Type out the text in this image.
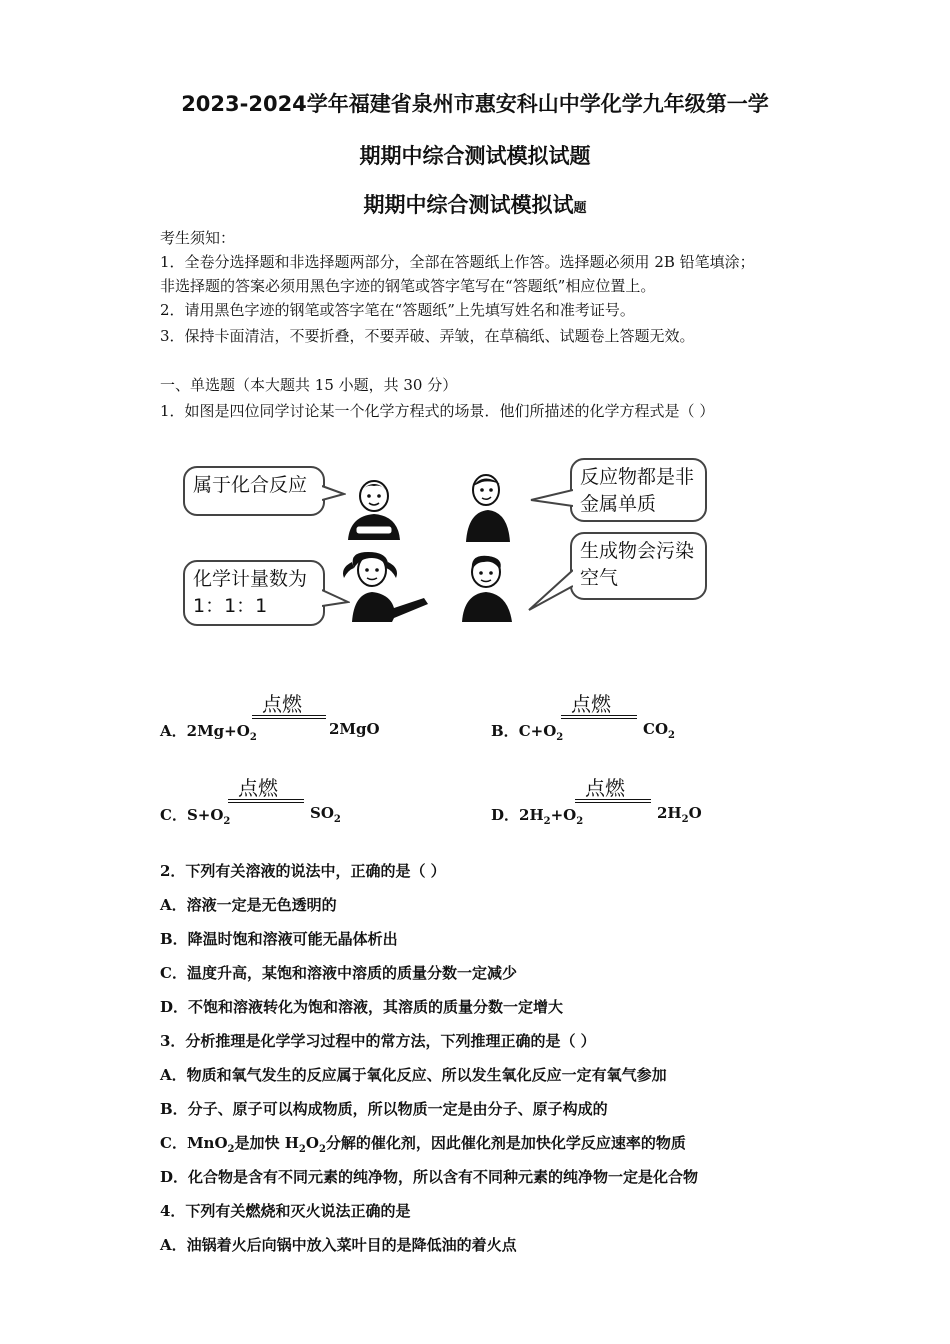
2023-2024学年福建省泉州市惠安科山中学化学九年级第一学
期期中综合测试模拟试题
期期中综合测试模拟试题
考生须知：
1．全卷分选择题和非选择题两部分，全部在答题纸上作答。选择题必须用 2B 铅笔填涂；
非选择题的答案必须用黑色字迹的钢笔或答字笔写在“答题纸”相应位置上。
2．请用黑色字迹的钢笔或答字笔在“答题纸”上先填写姓名和准考证号。
3．保持卡面清洁，不要折叠，不要弄破、弄皱，在草稿纸、试题卷上答题无效。
一、单选题（本大题共 15 小题，共 30 分）
1．如图是四位同学讨论某一个化学方程式的场景．他们所描述的化学方程式是（ ）
属于化合反应	反应物都是非
金属单质
化学计量数为
1：1：1
生成物会污染
空气
A．$2Mg+O_2$
点燃
2MgO	B．$C+O_2$
点燃
$CO_2$
C．$S+O_2$
点燃
$SO_2$	D．$2H_2+O_2$
点燃
$2H_2O$
2．下列有关溶液的说法中，正确的是（ ）
A．溶液一定是无色透明的
B．降温时饱和溶液可能无晶体析出
C．温度升高，某饱和溶液中溶质的质量分数一定减少
D．不饱和溶液转化为饱和溶液，其溶质的质量分数一定增大
3．分析推理是化学学习过程中的常方法，下列推理正确的是（ ）
A．物质和氧气发生的反应属于氧化反应、所以发生氧化反应一定有氧气参加
B．分子、原子可以构成物质，所以物质一定是由分子、原子构成的
C．MnO$_2$是加快 $H_2O_2$分解的催化剂，因此催化剂是加快化学反应速率的物质
D．化合物是含有不同元素的纯净物，所以含有不同种元素的纯净物一定是化合物
4．下列有关燃烧和灭火说法正确的是
A．油锅着火后向锅中放入菜叶目的是降低油的着火点
